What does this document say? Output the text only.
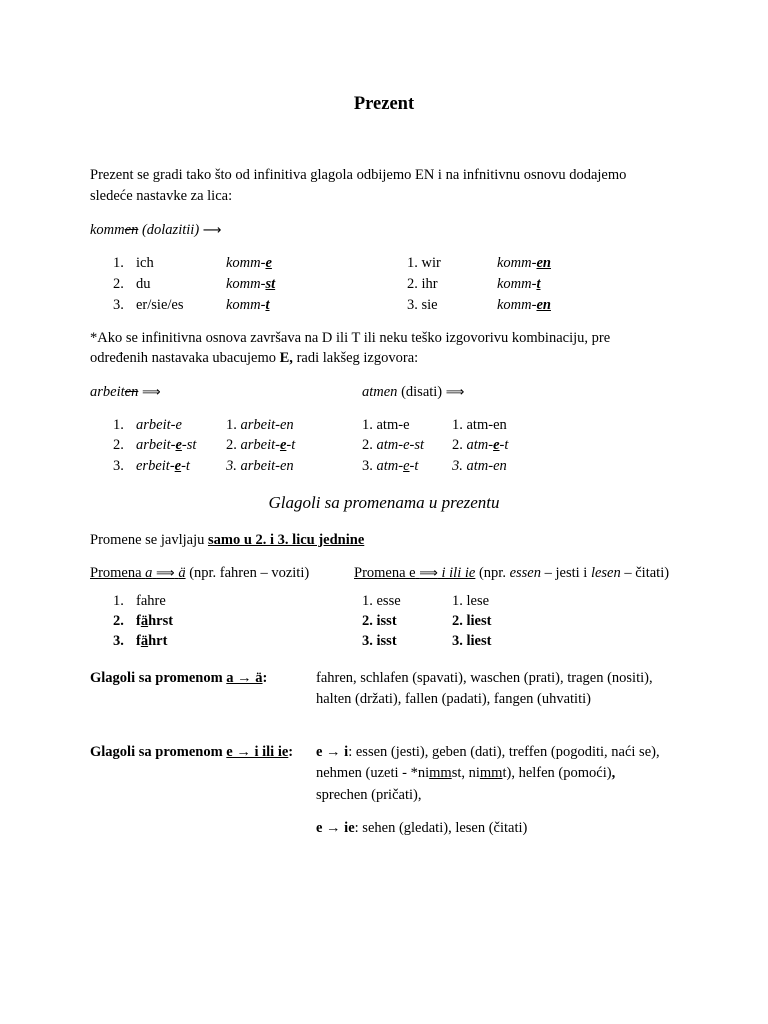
Prezent
Prezent se gradi tako što od infinitiva glagola odbijemo EN i na infnitivnu osnovu dodajemo
sledeće nastavke za lica:
kommen (dolazitii) ⟶
1. ich	komm-e	1. wir	komm-en
2. du	komm-st	2. ihr	komm-t
3. er/sie/es	komm-t	3. sie	komm-en
*Ako se infinitivna osnova završava na D ili T ili neku teško izgovorivu kombinaciju, pre
određenih nastavaka ubacujemo E, radi lakšeg izgovora:
arbeiten ⟹	atmen (disati) ⟹
1. arbeit-e	1. arbeit-en	1. atm-e	1. atm-en
2. arbeit-e-st 2. arbeit-e-t	2. atm-e-st 2. atm-e-t
3. erbeit-e-t 3. arbeit-en	3. atm-e-t 3. atm-en
Glagoli sa promenama u prezentu
Promene se javljaju samo u 2. i 3. licu jednine
Promena a ⟹ ä (npr. fahren – voziti)	Promena e ⟹ i ili ie (npr. essen – jesti i lesen – čitati)
1. fahre	1. esse	1. lese
2. fährst	2. isst	2. liest
3. fährt	3. isst	3. liest
Glagoli sa promenom a → ä:	fahren, schlafen (spavati), waschen (prati), tragen (nositi),
halten (držati), fallen (padati), fangen (uhvatiti)
Glagoli sa promenom e → i ili ie: e → i: essen (jesti), geben (dati), treffen (pogoditi, naći se),
nehmen (uzeti - *nimmst, nimmt), helfen (pomoći),
sprechen (pričati),
e → ie: sehen (gledati), lesen (čitati)
